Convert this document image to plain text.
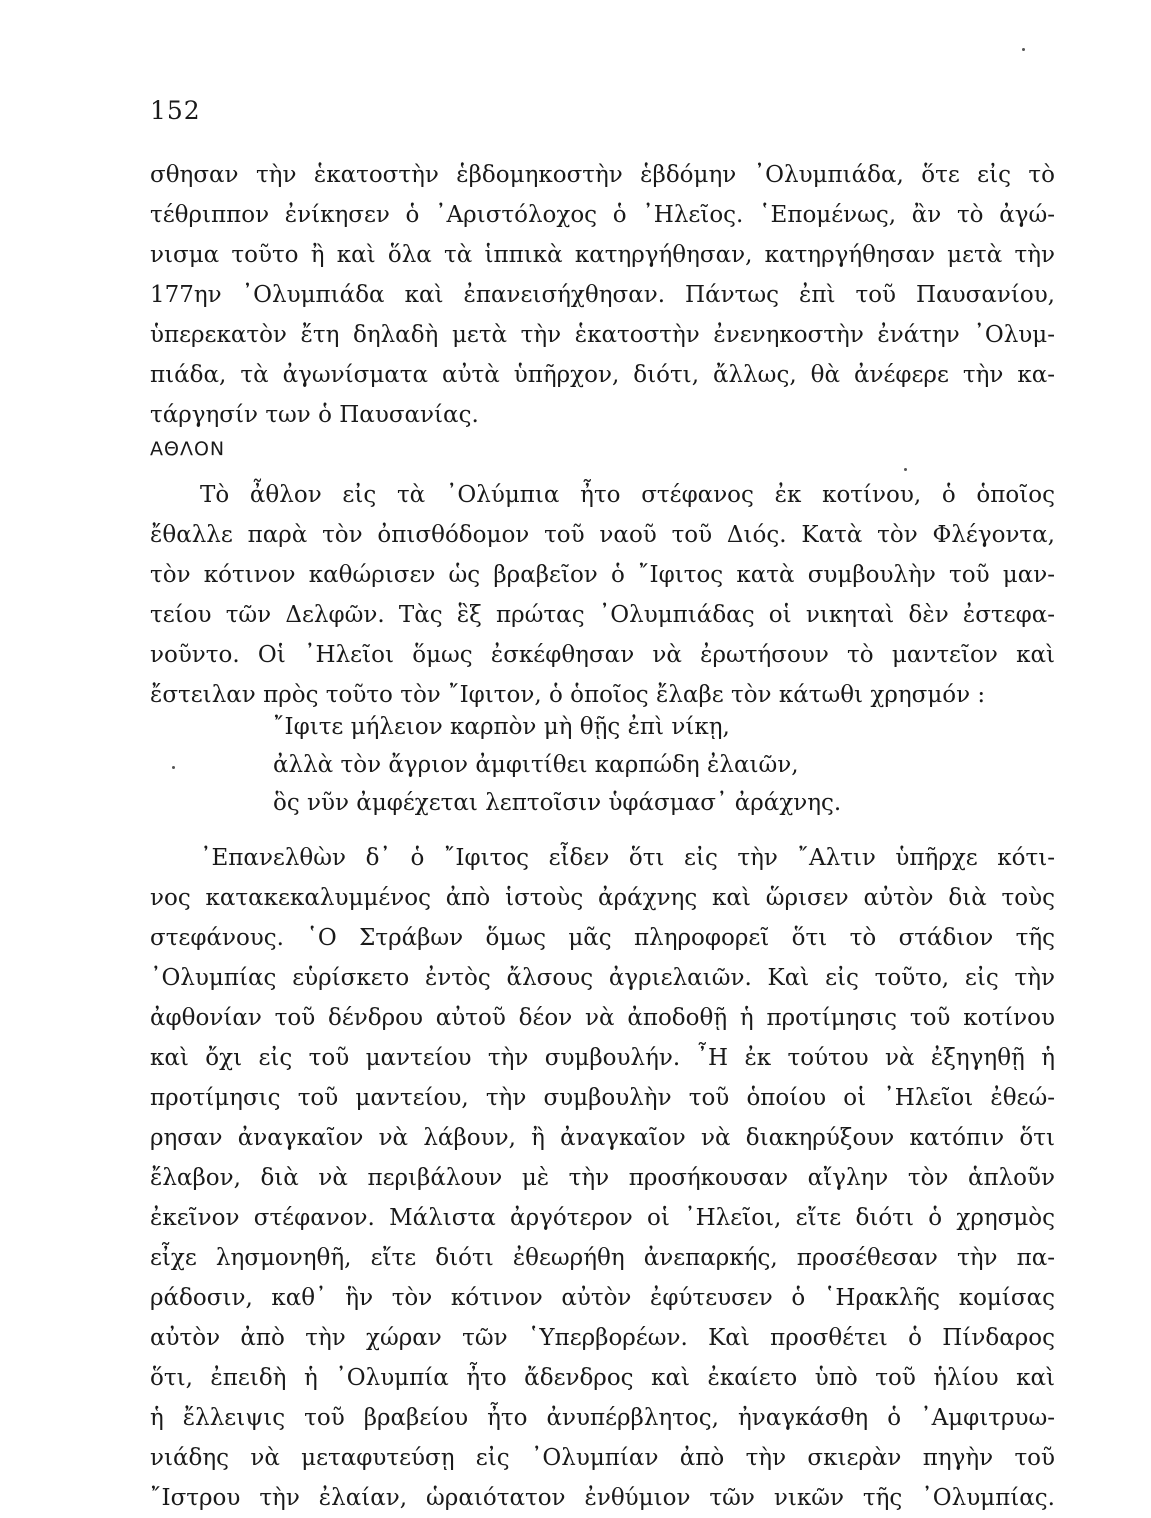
152
σθησαν τὴν ἑκατοστὴν ἑβδομηκοστὴν ἑβδόμην ᾿Ολυμπιάδα, ὅτε εἰς τὸ
τέθριππον ἐνίκησεν ὁ ᾿Αριστόλοχος ὁ ᾿Ηλεῖος. ῾Επομένως, ἂν τὸ ἀγώ-
νισμα τοῦτο ἢ καὶ ὅλα τὰ ἱππικὰ κατηργήθησαν, κατηργήθησαν μετὰ τὴν
177ην ᾿Ολυμπιάδα καὶ ἐπανεισήχθησαν. Πάντως ἐπὶ τοῦ Παυσανίου,
ὑπερεκατὸν ἔτη δηλαδὴ μετὰ τὴν ἑκατοστὴν ἐνενηκοστὴν ἐνάτην ᾿Ολυμ-
πιάδα, τὰ ἀγωνίσματα αὐτὰ ὑπῆρχον, διότι, ἄλλως, θὰ ἀνέφερε τὴν κα-
τάργησίν των ὁ Παυσανίας.
ΑΘΛΟΝ
Τὸ ἆθλον εἰς τὰ ᾿Ολύμπια ἦτο στέφανος ἐκ κοτίνου, ὁ ὁποῖος
ἔθαλλε παρὰ τὸν ὀπισθόδομον τοῦ ναοῦ τοῦ Διός. Κατὰ τὸν Φλέγοντα,
τὸν κότινον καθώρισεν ὡς βραβεῖον ὁ ῎Ιφιτος κατὰ συμβουλὴν τοῦ μαν-
τείου τῶν Δελφῶν. Τὰς ἓξ πρώτας ᾿Ολυμπιάδας οἱ νικηταὶ δὲν ἐστεφα-
νοῦντο. Οἱ ᾿Ηλεῖοι ὅμως ἐσκέφθησαν νὰ ἐρωτήσουν τὸ μαντεῖον καὶ
ἔστειλαν πρὸς τοῦτο τὸν ῎Ιφιτον, ὁ ὁποῖος ἔλαβε τὸν κάτωθι χρησμόν :
῎Ιφιτε μήλειον καρπὸν μὴ θῇς ἐπὶ νίκῃ,
ἀλλὰ τὸν ἄγριον ἀμφιτίθει καρπώδη ἐλαιῶν,
ὃς νῦν ἀμφέχεται λεπτοῖσιν ὑφάσμασ᾿ ἀράχνης.
᾿Επανελθὼν δ᾿ ὁ ῎Ιφιτος εἶδεν ὅτι εἰς τὴν ῎Αλτιν ὑπῆρχε κότι-
νος κατακεκαλυμμένος ἀπὸ ἱστοὺς ἀράχνης καὶ ὥρισεν αὐτὸν διὰ τοὺς
στεφάνους. ῾Ο Στράβων ὅμως μᾶς πληροφορεῖ ὅτι τὸ στάδιον τῆς
᾿Ολυμπίας εὑρίσκετο ἐντὸς ἄλσους ἀγριελαιῶν. Καὶ εἰς τοῦτο, εἰς τὴν
ἀφθονίαν τοῦ δένδρου αὐτοῦ δέον νὰ ἀποδοθῇ ἡ προτίμησις τοῦ κοτίνου
καὶ ὄχι εἰς τοῦ μαντείου τὴν συμβουλήν. ῏Η ἐκ τούτου νὰ ἐξηγηθῇ ἡ
προτίμησις τοῦ μαντείου, τὴν συμβουλὴν τοῦ ὁποίου οἱ ᾿Ηλεῖοι ἐθεώ-
ρησαν ἀναγκαῖον νὰ λάβουν, ἢ ἀναγκαῖον νὰ διακηρύξουν κατόπιν ὅτι
ἔλαβον, διὰ νὰ περιβάλουν μὲ τὴν προσήκουσαν αἴγλην τὸν ἁπλοῦν
ἐκεῖνον στέφανον. Μάλιστα ἀργότερον οἱ ᾿Ηλεῖοι, εἴτε διότι ὁ χρησμὸς
εἶχε λησμονηθῆ, εἴτε διότι ἐθεωρήθη ἀνεπαρκής, προσέθεσαν τὴν πα-
ράδοσιν, καθ᾿ ἣν τὸν κότινον αὐτὸν ἐφύτευσεν ὁ ῾Ηρακλῆς κομίσας
αὐτὸν ἀπὸ τὴν χώραν τῶν ῾Υπερβορέων. Καὶ προσθέτει ὁ Πίνδαρος
ὅτι, ἐπειδὴ ἡ ᾿Ολυμπία ἦτο ἄδενδρος καὶ ἐκαίετο ὑπὸ τοῦ ἡλίου καὶ
ἡ ἔλλειψις τοῦ βραβείου ἦτο ἀνυπέρβλητος, ἠναγκάσθη ὁ ᾿Αμφιτρυω-
νιάδης νὰ μεταφυτεύσῃ εἰς ᾿Ολυμπίαν ἀπὸ τὴν σκιερὰν πηγὴν τοῦ
῎Ιστρου τὴν ἐλαίαν, ὡραιότατον ἐνθύμιον τῶν νικῶν τῆς ᾿Ολυμπίας.
